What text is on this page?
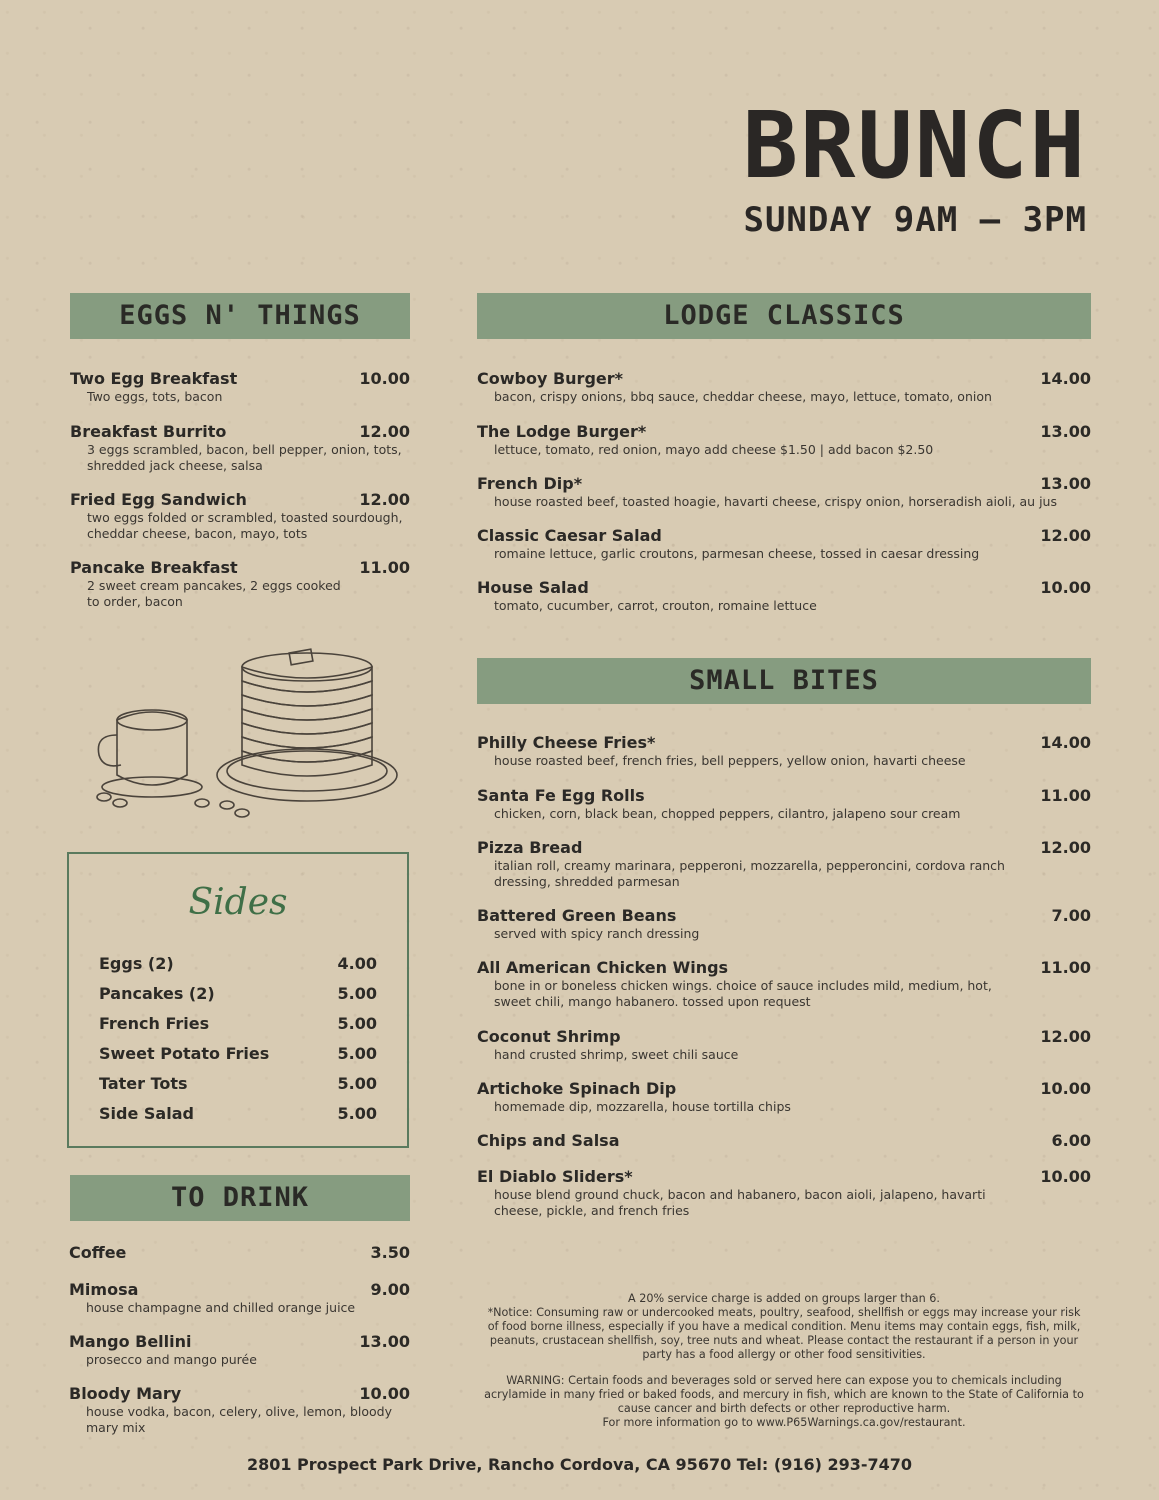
BRUNCH
SUNDAY 9AM – 3PM
EGGS N' THINGS
Two Egg Breakfast	10.00
Two eggs, tots, bacon
Breakfast Burrito	12.00
3 eggs scrambled, bacon, bell pepper, onion, tots,
shredded jack cheese, salsa
Fried Egg Sandwich	12.00
two eggs folded or scrambled, toasted sourdough,
cheddar cheese, bacon, mayo, tots
Pancake Breakfast	11.00
2 sweet cream pancakes, 2 eggs cooked
to order, bacon
Sides
Eggs (2)	4.00
Pancakes (2)	5.00
French Fries	5.00
Sweet Potato Fries	5.00
Tater Tots	5.00
Side Salad	5.00
TO DRINK
Coffee	3.50
Mimosa	9.00
house champagne and chilled orange juice
Mango Bellini	13.00
prosecco and mango purée
Bloody Mary	10.00
house vodka, bacon, celery, olive, lemon, bloody
mary mix
LODGE CLASSICS
Cowboy Burger*	14.00
bacon, crispy onions, bbq sauce, cheddar cheese, mayo, lettuce, tomato, onion
The Lodge Burger*	13.00
lettuce, tomato, red onion, mayo add cheese $1.50 | add bacon $2.50
French Dip*	13.00
house roasted beef, toasted hoagie, havarti cheese, crispy onion, horseradish aioli, au jus
Classic Caesar Salad	12.00
romaine lettuce, garlic croutons, parmesan cheese, tossed in caesar dressing
House Salad	10.00
tomato, cucumber, carrot, crouton, romaine lettuce
SMALL BITES
Philly Cheese Fries*	14.00
house roasted beef, french fries, bell peppers, yellow onion, havarti cheese
Santa Fe Egg Rolls	11.00
chicken, corn, black bean, chopped peppers, cilantro, jalapeno sour cream
Pizza Bread	12.00
italian roll, creamy marinara, pepperoni, mozzarella, pepperoncini, cordova ranch
dressing, shredded parmesan
Battered Green Beans	7.00
served with spicy ranch dressing
All American Chicken Wings	11.00
bone in or boneless chicken wings. choice of sauce includes mild, medium, hot,
sweet chili, mango habanero. tossed upon request
Coconut Shrimp	12.00
hand crusted shrimp, sweet chili sauce
Artichoke Spinach Dip	10.00
homemade dip, mozzarella, house tortilla chips
Chips and Salsa	6.00
El Diablo Sliders*	10.00
house blend ground chuck, bacon and habanero, bacon aioli, jalapeno, havarti
cheese, pickle, and french fries
A 20% service charge is added on groups larger than 6.
*Notice: Consuming raw or undercooked meats, poultry, seafood, shellfish or eggs may increase your risk
of food borne illness, especially if you have a medical condition. Menu items may contain eggs, fish, milk,
peanuts, crustacean shellfish, soy, tree nuts and wheat. Please contact the restaurant if a person in your
party has a food allergy or other food sensitivities.
WARNING: Certain foods and beverages sold or served here can expose you to chemicals including
acrylamide in many fried or baked foods, and mercury in fish, which are known to the State of California to
cause cancer and birth defects or other reproductive harm.
For more information go to www.P65Warnings.ca.gov/restaurant.
2801 Prospect Park Drive, Rancho Cordova, CA 95670 Tel: (916) 293-7470
